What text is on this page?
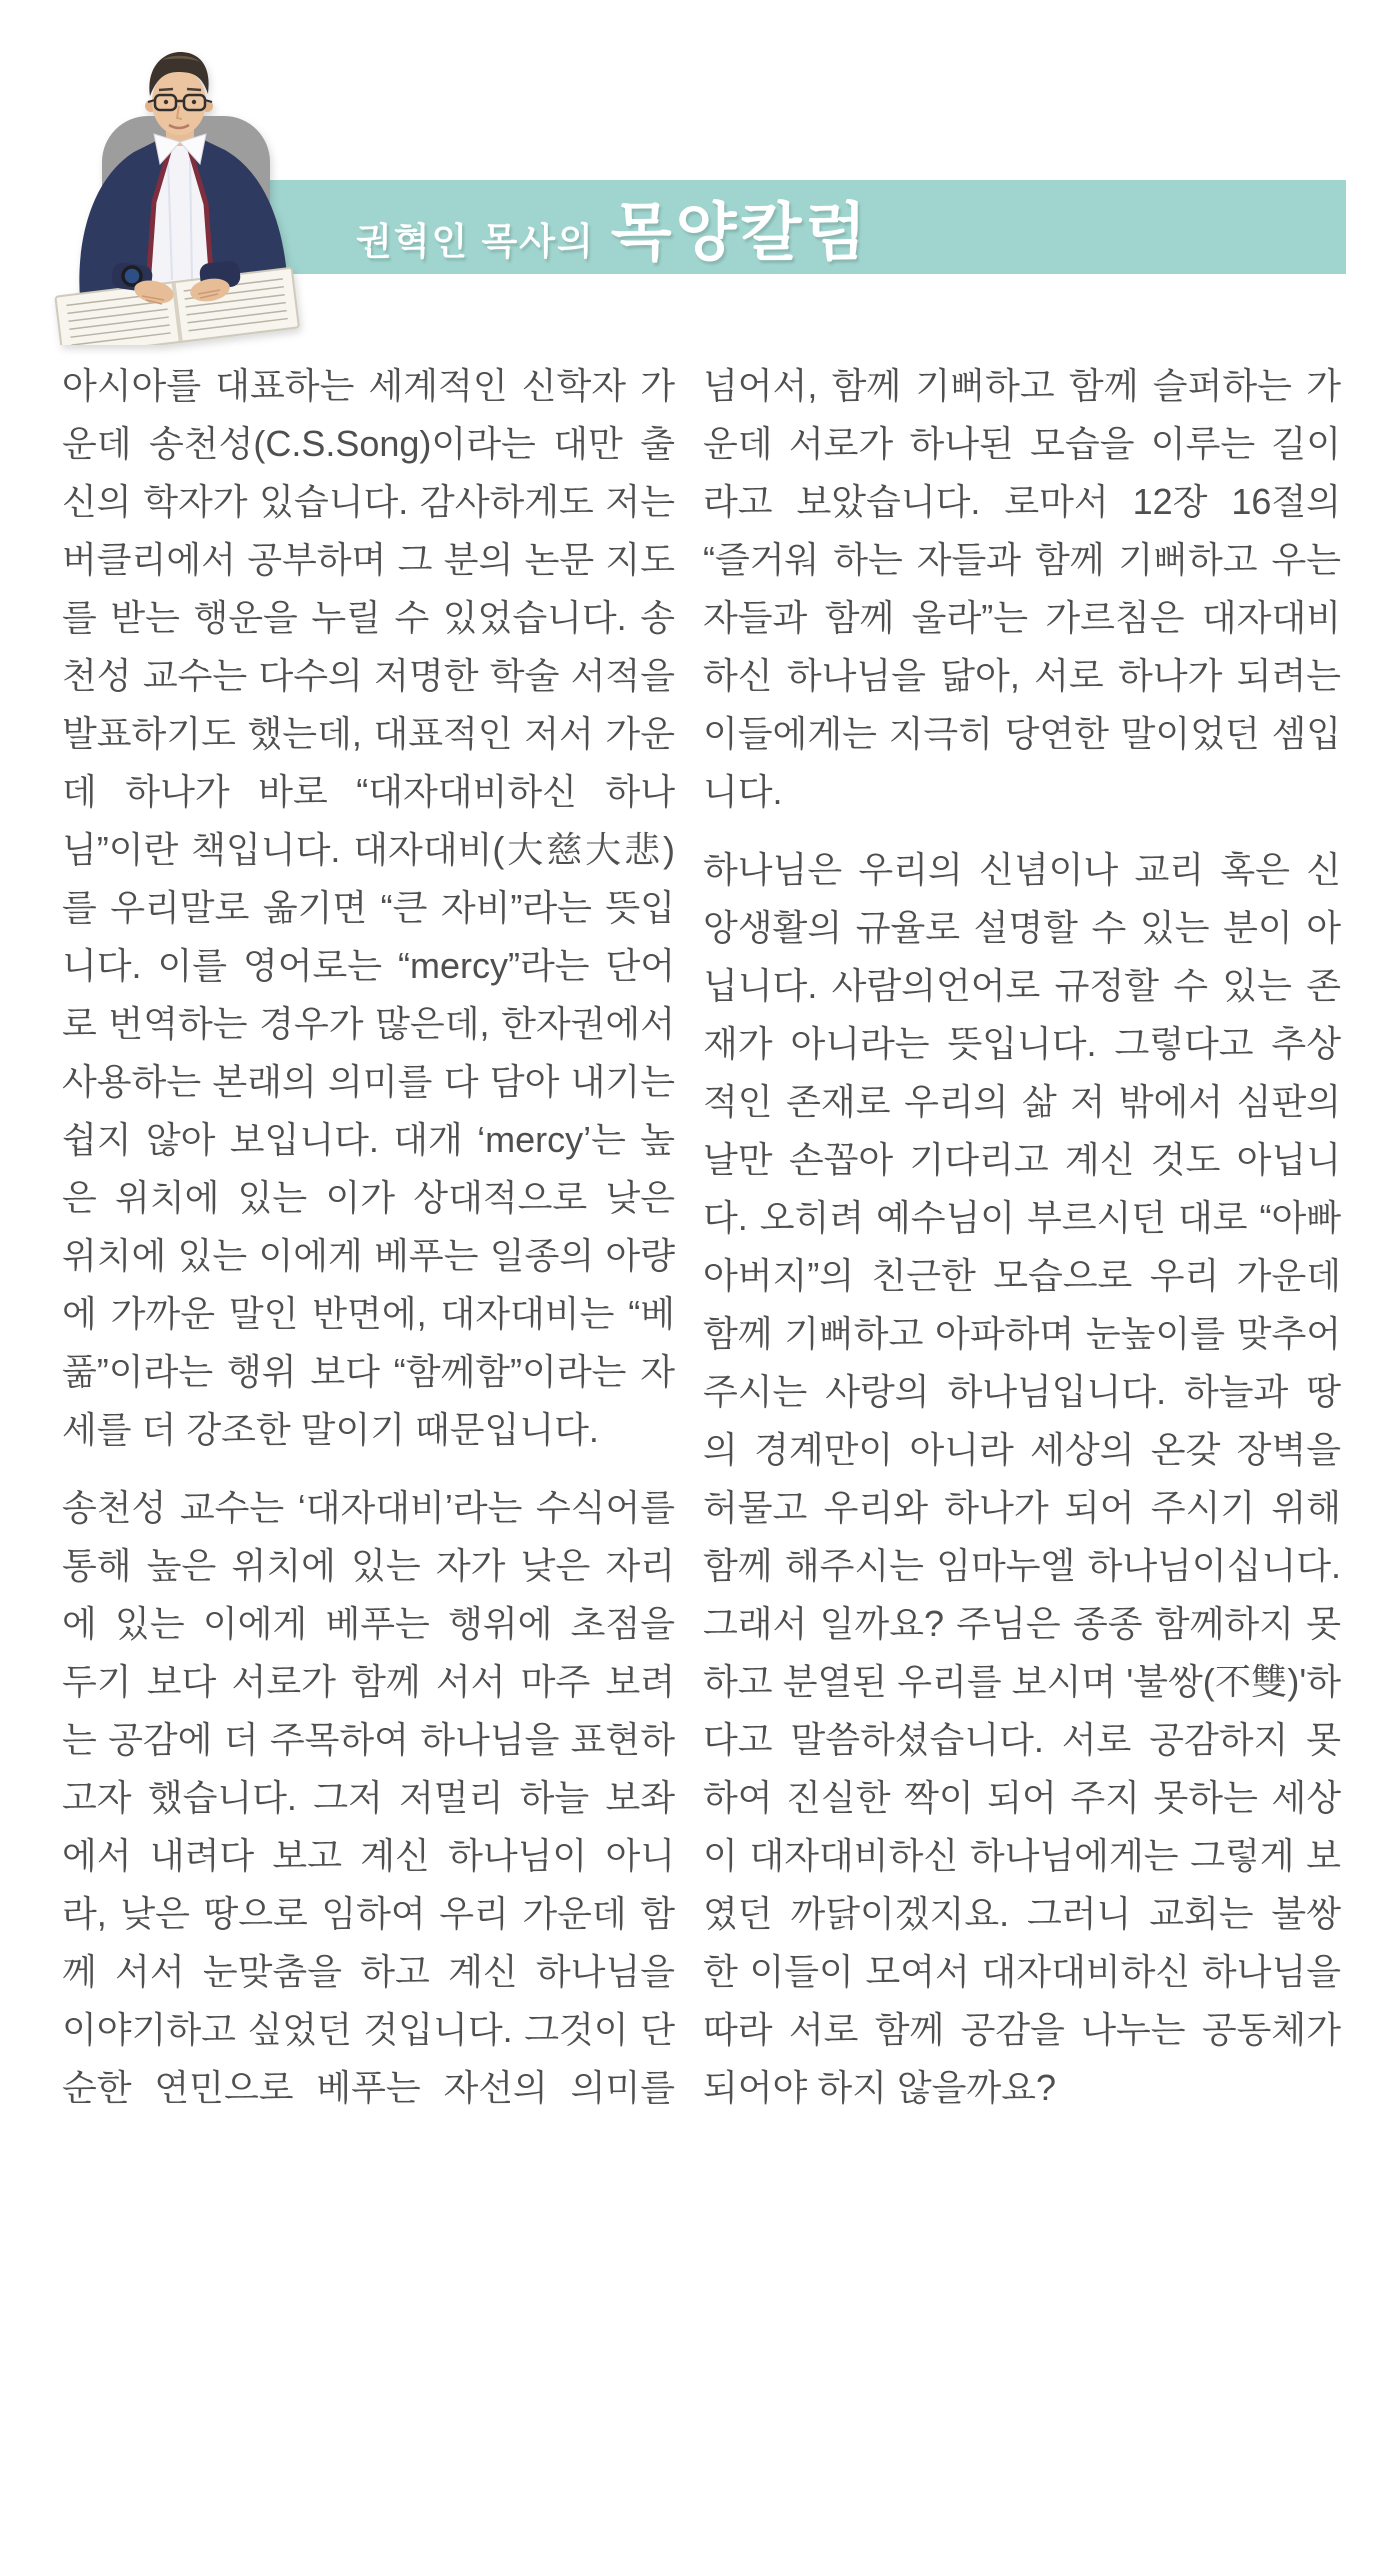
권혁인 목사의 목양칼럼

아시아를 대표하는 세계적인 신학자 가운데 송천성(C.S.Song)이라는 대만 출신의 학자가 있습니다. 감사하게도 저는 버클리에서 공부하며 그 분의 논문 지도를 받는 행운을 누릴 수 있었습니다. 송천성 교수는 다수의 저명한 학술 서적을 발표하기도 했는데, 대표적인 저서 가운데 하나가 바로 “대자대비하신 하나님”이란 책입니다. 대자대비(大慈大悲)를 우리말로 옮기면 “큰 자비”라는 뜻입니다. 이를 영어로는 “mercy”라는 단어로 번역하는 경우가 많은데, 한자권에서 사용하는 본래의 의미를 다 담아 내기는 쉽지 않아 보입니다. 대개 ‘mercy’는 높은 위치에 있는 이가 상대적으로 낮은 위치에 있는 이에게 베푸는 일종의 아량에 가까운 말인 반면에, 대자대비는 “베풂”이라는 행위 보다 “함께함”이라는 자세를 더 강조한 말이기 때문입니다.

송천성 교수는 ‘대자대비’라는 수식어를 통해 높은 위치에 있는 자가 낮은 자리에 있는 이에게 베푸는 행위에 초점을 두기 보다 서로가 함께 서서 마주 보려는 공감에 더 주목하여 하나님을 표현하고자 했습니다. 그저 저멀리 하늘 보좌에서 내려다 보고 계신 하나님이 아니라, 낮은 땅으로 임하여 우리 가운데 함께 서서 눈맞춤을 하고 계신 하나님을 이야기하고 싶었던 것입니다. 그것이 단순한 연민으로 베푸는 자선의 의미를

넘어서, 함께 기뻐하고 함께 슬퍼하는 가운데 서로가 하나된 모습을 이루는 길이라고 보았습니다. 로마서 12장 16절의 “즐거워 하는 자들과 함께 기뻐하고 우는 자들과 함께 울라”는 가르침은 대자대비하신 하나님을 닮아, 서로 하나가 되려는 이들에게는 지극히 당연한 말이었던 셈입니다.

하나님은 우리의 신념이나 교리 혹은 신앙생활의 규율로 설명할 수 있는 분이 아닙니다. 사람의언어로 규정할 수 있는 존재가 아니라는 뜻입니다. 그렇다고 추상적인 존재로 우리의 삶 저 밖에서 심판의 날만 손꼽아 기다리고 계신 것도 아닙니다. 오히려 예수님이 부르시던 대로 “아빠 아버지”의 친근한 모습으로 우리 가운데 함께 기뻐하고 아파하며 눈높이를 맞추어 주시는 사랑의 하나님입니다. 하늘과 땅의 경계만이 아니라 세상의 온갖 장벽을 허물고 우리와 하나가 되어 주시기 위해 함께 해주시는 임마누엘 하나님이십니다. 그래서 일까요? 주님은 종종 함께하지 못하고 분열된 우리를 보시며 '불쌍(不雙)'하다고 말씀하셨습니다. 서로 공감하지 못하여 진실한 짝이 되어 주지 못하는 세상이 대자대비하신 하나님에게는 그렇게 보였던 까닭이겠지요. 그러니 교회는 불쌍한 이들이 모여서 대자대비하신 하나님을 따라 서로 함께 공감을 나누는 공동체가 되어야 하지 않을까요?
